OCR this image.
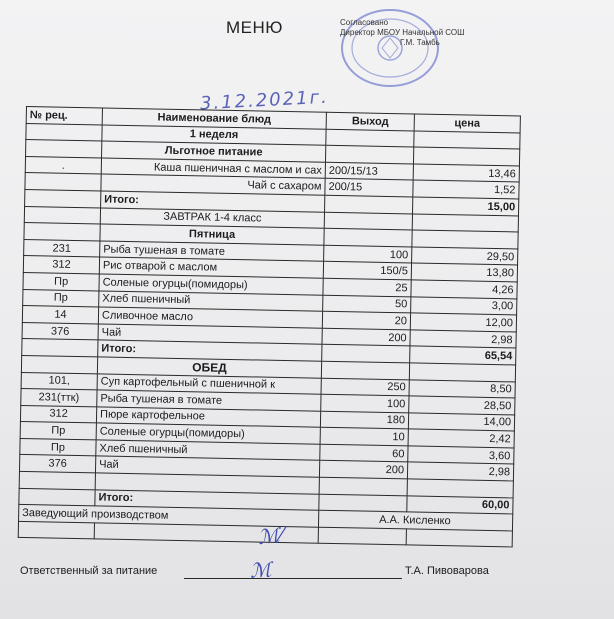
МЕНЮ	Согласовано
Директор МБОУ Начальной СОШ
Г.М. Тамбь
3.12.2021г.
№ рец.	Наименование блюд	Выход	цена
	1 неделя		
	Льготное питание		
.	Каша пшеничная с маслом и сах	200/15/13	13,46
	Чай с сахаром	200/15	1,52
	Итого:		15,00
	ЗАВТРАК 1-4 класс		
	Пятница		
231	Рыба тушеная в томате	100	29,50
312	Рис отварой с маслом	150/5	13,80
Пр	Соленые огурцы(помидоры)	25	4,26
Пр	Хлеб пшеничный	50	3,00
14	Сливочное масло	20	12,00
376	Чай	200	2,98
	Итого:		65,54
	ОБЕД		
101,	Суп картофельный с пшеничной к	250	8,50
231(ттк)	Рыба тушеная в томате	100	28,50
312	Пюре картофельное	180	14,00
Пр	Соленые огурцы(помидоры)	10	2,42
Пр	Хлеб пшеничный	60	3,60
376	Чай	200	2,98

	Итого:		60,00
Заведующий производством		А.А. Кисленко	

ℳ⁄
Ответственный за питание	ℳ	Т.А. Пивоварова
